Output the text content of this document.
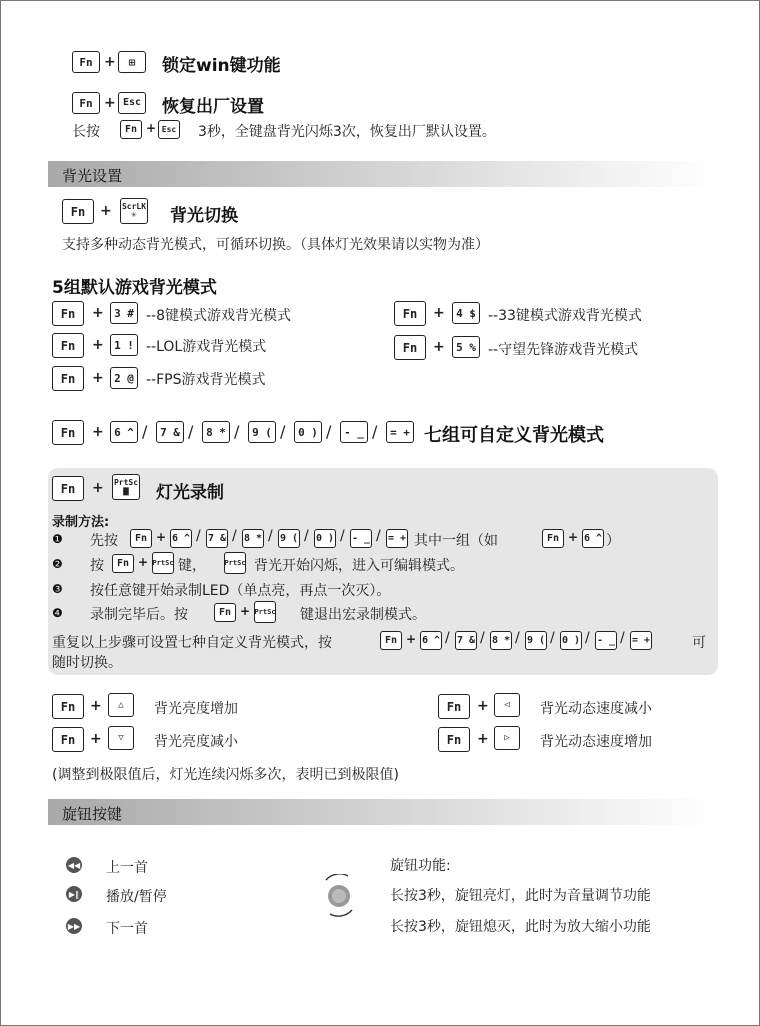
Fn +	⊞	锁定win键功能
Fn + Esc 恢复出厂设置
长按	Fn + Esc 3秒，全键盘背光闪烁3次，恢复出厂默认设置。
背光设置
Fn	+ ScrLK
✳ 背光切换
支持多种动态背光模式，可循环切换。（具体灯光效果请以实物为准）
5组默认游戏背光模式
Fn	+ 3 # --8键模式游戏背光模式	Fn	+	4 $ --33键模式游戏背光模式
Fn	+ 1 ! --LOL游戏背光模式	Fn	+	5 % --守望先锋游戏背光模式
Fn	+ 2 @ --FPS游戏背光模式
Fn	+ 6 ^ /	7 & /	8 * /	9 ( /	0 ) /	- _ /	= + 七组可自定义背光模式
Fn	+ PrtSc
▆ 灯光录制
录制方法:
❶ 先按	Fn + 6 ^ / 7 & / 8 * / 9 ( / 0 ) / - _ / = + 其中一组（如	Fn + 6 ^ ）
❷ 按	Fn + PrtSc 键，	PrtSc 背光开始闪烁，进入可编辑模式。
❸ 按任意键开始录制LED（单点亮，再点一次灭）。
❹ 录制完毕后。按	Fn + PrtSc 键退出宏录制模式。
重复以上步骤可设置七种自定义背光模式，按	Fn + 6 ^ / 7 & / 8 * / 9 ( / 0 ) / - _ / = +	可
随时切换。
Fn	+	△	背光亮度增加	Fn	+	◁	背光动态速度减小
Fn	+	▽	背光亮度减小	Fn	+	▷	背光动态速度增加
(调整到极限值后，灯光连续闪烁多次，表明已到极限值)
旋钮按键
◀◀ 上一首
▶‖ 播放/暂停
▶▶ 下一首
旋钮功能:
长按3秒，旋钮亮灯，此时为音量调节功能
长按3秒，旋钮熄灭，此时为放大缩小功能
